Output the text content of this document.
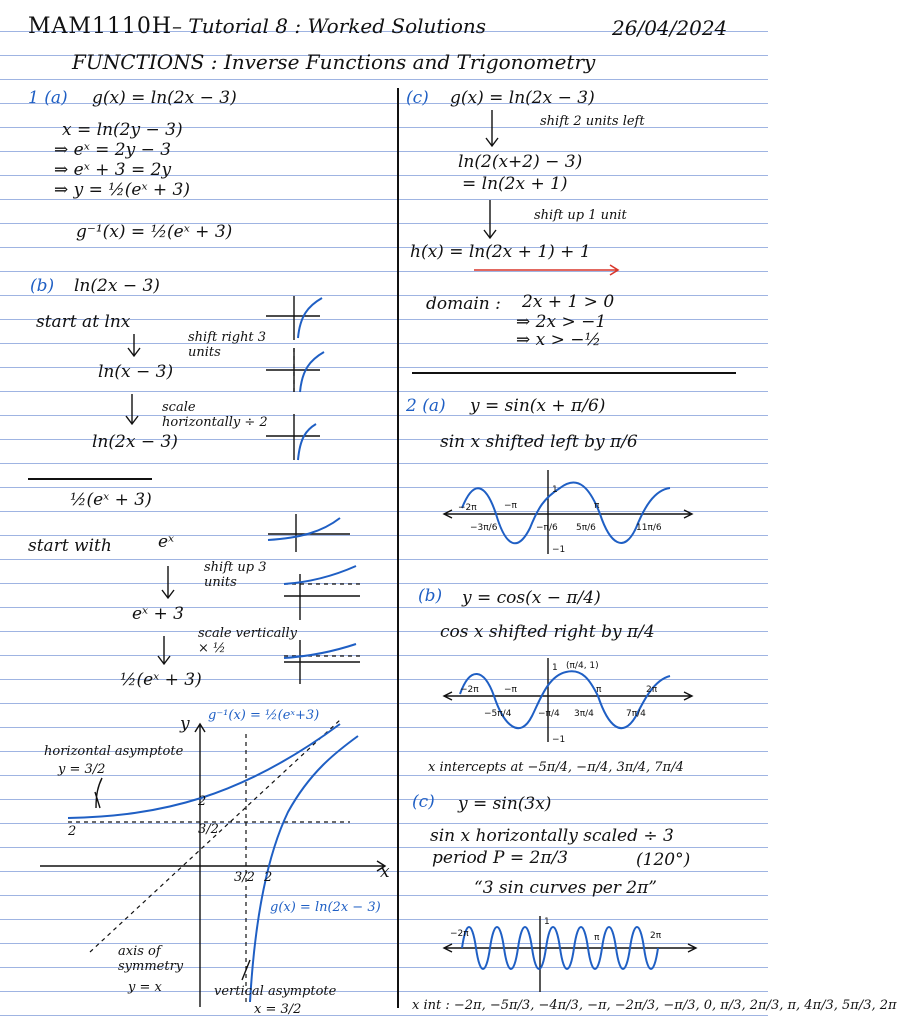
MAM1110H – Tutorial 8 : Worked Solutions	26/04/2024
FUNCTIONS : Inverse Functions and Trigonometry
1 (a) g(x) = ln(2x − 3)
x = ln(2y − 3)
⇒ eˣ = 2y − 3
⇒ eˣ + 3 = 2y
⇒ y = ½(eˣ + 3)
g⁻¹(x) = ½(eˣ + 3)
(b) ln(2x − 3)
start at lnx
shift right 3 units
ln(x − 3)
scale horizontally ÷ 2
ln(2x − 3)
½(eˣ + 3)
start with	eˣ
shift up 3 units
eˣ + 3
scale vertically × ½
½(eˣ + 3)
2
2
3/2
3/2 2	x
y g⁻¹(x) = ½(eˣ+3)
g(x) = ln(2x − 3)
horizontal asymptote
y = 3/2
axis of symmetry
y = x	vertical asymptote
x = 3/2
(c) g(x) = ln(2x − 3)
shift 2 units left
ln(2(x+2) − 3)
= ln(2x + 1)
shift up 1 unit
h(x) = ln(2x + 1) + 1
domain : 2x + 1 > 0
⇒ 2x > −1
⇒ x > −½
2 (a) y = sin(x + π/6)
sin x shifted left by π/6
−2π	−π	π
1
−1
−3π/6	−π/6 5π/6	11π/6
(b) y = cos(x − π/4)
cos x shifted right by π/4
(π/4, 1)
−2π	−π	π	2π
1
−1
−5π/4	−π/4 3π/4	7π/4
x intercepts at −5π/4, −π/4, 3π/4, 7π/4
(c) y = sin(3x)
sin x horizontally scaled ÷ 3
period P = 2π/3	(120°)
“3 sin curves per 2π”
−2π	2π
π
1
x int : −2π, −5π/3, −4π/3, −π, −2π/3, −π/3, 0, π/3, 2π/3, π, 4π/3, 5π/3, 2π
